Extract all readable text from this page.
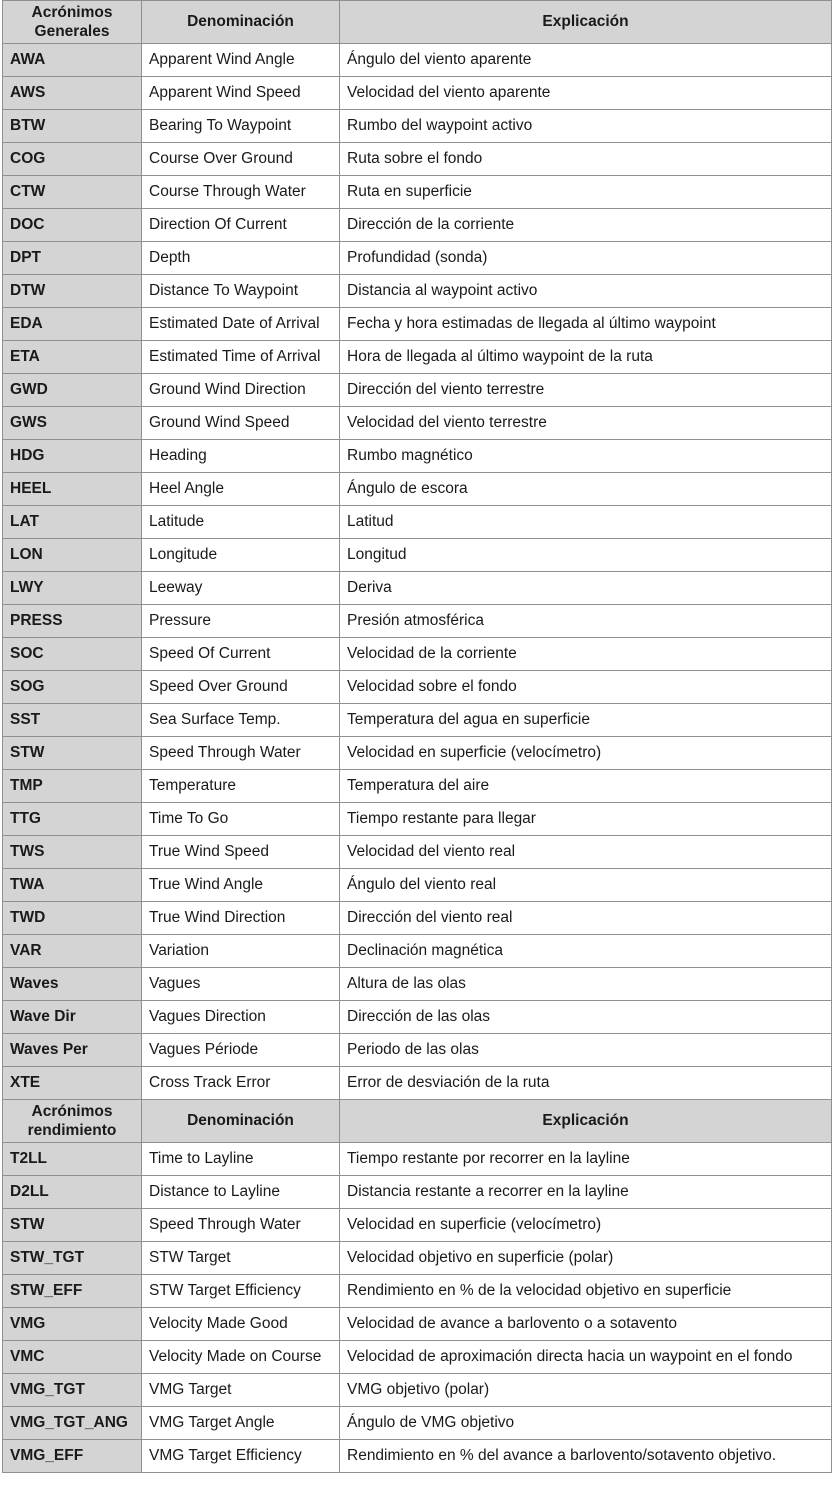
Acrónimos
Generales	Denominación	Explicación
AWA	Apparent Wind Angle	Ángulo del viento aparente
AWS	Apparent Wind Speed	Velocidad del viento aparente
BTW	Bearing To Waypoint	Rumbo del waypoint activo
COG	Course Over Ground	Ruta sobre el fondo
CTW	Course Through Water	Ruta en superficie
DOC	Direction Of Current	Dirección de la corriente
DPT	Depth	Profundidad (sonda)
DTW	Distance To Waypoint	Distancia al waypoint activo
EDA	Estimated Date of Arrival	Fecha y hora estimadas de llegada al último waypoint
ETA	Estimated Time of Arrival	Hora de llegada al último waypoint de la ruta
GWD	Ground Wind Direction	Dirección del viento terrestre
GWS	Ground Wind Speed	Velocidad del viento terrestre
HDG	Heading	Rumbo magnético
HEEL	Heel Angle	Ángulo de escora
LAT	Latitude	Latitud
LON	Longitude	Longitud
LWY	Leeway	Deriva
PRESS	Pressure	Presión atmosférica
SOC	Speed Of Current	Velocidad de la corriente
SOG	Speed Over Ground	Velocidad sobre el fondo
SST	Sea Surface Temp.	Temperatura del agua en superficie
STW	Speed Through Water	Velocidad en superficie (velocímetro)
TMP	Temperature	Temperatura del aire
TTG	Time To Go	Tiempo restante para llegar
TWS	True Wind Speed	Velocidad del viento real
TWA	True Wind Angle	Ángulo del viento real
TWD	True Wind Direction	Dirección del viento real
VAR	Variation	Declinación magnética
Waves	Vagues	Altura de las olas
Wave Dir	Vagues Direction	Dirección de las olas
Waves Per	Vagues Période	Periodo de las olas
XTE	Cross Track Error	Error de desviación de la ruta
Acrónimos
rendimiento	Denominación	Explicación
T2LL	Time to Layline	Tiempo restante por recorrer en la layline
D2LL	Distance to Layline	Distancia restante a recorrer en la layline
STW	Speed Through Water	Velocidad en superficie (velocímetro)
STW_TGT	STW Target	Velocidad objetivo en superficie (polar)
STW_EFF	STW Target Efficiency	Rendimiento en % de la velocidad objetivo en superficie
VMG	Velocity Made Good	Velocidad de avance a barlovento o a sotavento
VMC	Velocity Made on Course	Velocidad de aproximación directa hacia un waypoint en el fondo
VMG_TGT	VMG Target	VMG objetivo (polar)
VMG_TGT_ANG	VMG Target Angle	Ángulo de VMG objetivo
VMG_EFF	VMG Target Efficiency	Rendimiento en % del avance a barlovento/sotavento objetivo.
